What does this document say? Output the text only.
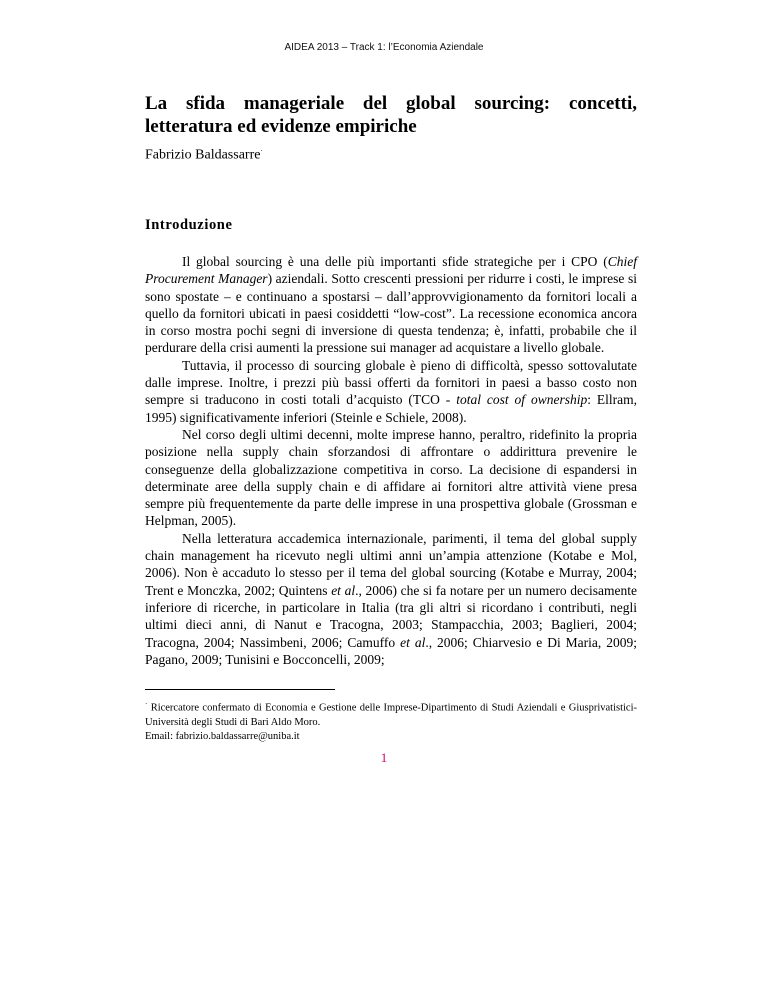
AIDEA 2013 – Track 1: l’Economia Aziendale
La sfida manageriale del global sourcing: concetti, letteratura ed evidenze empiriche
Fabrizio Baldassarre·
Introduzione

Il global sourcing è una delle più importanti sfide strategiche per i CPO (Chief Procurement Manager) aziendali. Sotto crescenti pressioni per ridurre i costi, le imprese si sono spostate – e continuano a spostarsi – dall’approvvigionamento da fornitori locali a quello da fornitori ubicati in paesi cosiddetti “low-cost”. La recessione economica ancora in corso mostra pochi segni di inversione di questa tendenza; è, infatti, probabile che il perdurare della crisi aumenti la pressione sui manager ad acquistare a livello globale.

Tuttavia, il processo di sourcing globale è pieno di difficoltà, spesso sottovalutate dalle imprese. Inoltre, i prezzi più bassi offerti da fornitori in paesi a basso costo non sempre si traducono in costi totali d’acquisto (TCO - total cost of ownership: Ellram, 1995) significativamente inferiori (Steinle e Schiele, 2008).

Nel corso degli ultimi decenni, molte imprese hanno, peraltro, ridefinito la propria posizione nella supply chain sforzandosi di affrontare o addirittura prevenire le conseguenze della globalizzazione competitiva in corso. La decisione di espandersi in determinate aree della supply chain e di affidare ai fornitori altre attività viene presa sempre più frequentemente da parte delle imprese in una prospettiva globale (Grossman e Helpman, 2005).

Nella letteratura accademica internazionale, parimenti, il tema del global supply chain management ha ricevuto negli ultimi anni un’ampia attenzione (Kotabe e Mol, 2006). Non è accaduto lo stesso per il tema del global sourcing (Kotabe e Murray, 2004; Trent e Monczka, 2002; Quintens et al., 2006) che si fa notare per un numero decisamente inferiore di ricerche, in particolare in Italia (tra gli altri si ricordano i contributi, negli ultimi dieci anni, di Nanut e Tracogna, 2003; Stampacchia, 2003; Baglieri, 2004; Tracogna, 2004; Nassimbeni, 2006; Camuffo et al., 2006; Chiarvesio e Di Maria, 2009; Pagano, 2009; Tunisini e Bocconcelli, 2009;

· Ricercatore confermato di Economia e Gestione delle Imprese-Dipartimento di Studi Aziendali e Giusprivatistici-Università degli Studi di Bari Aldo Moro.
Email: fabrizio.baldassarre@uniba.it
1
